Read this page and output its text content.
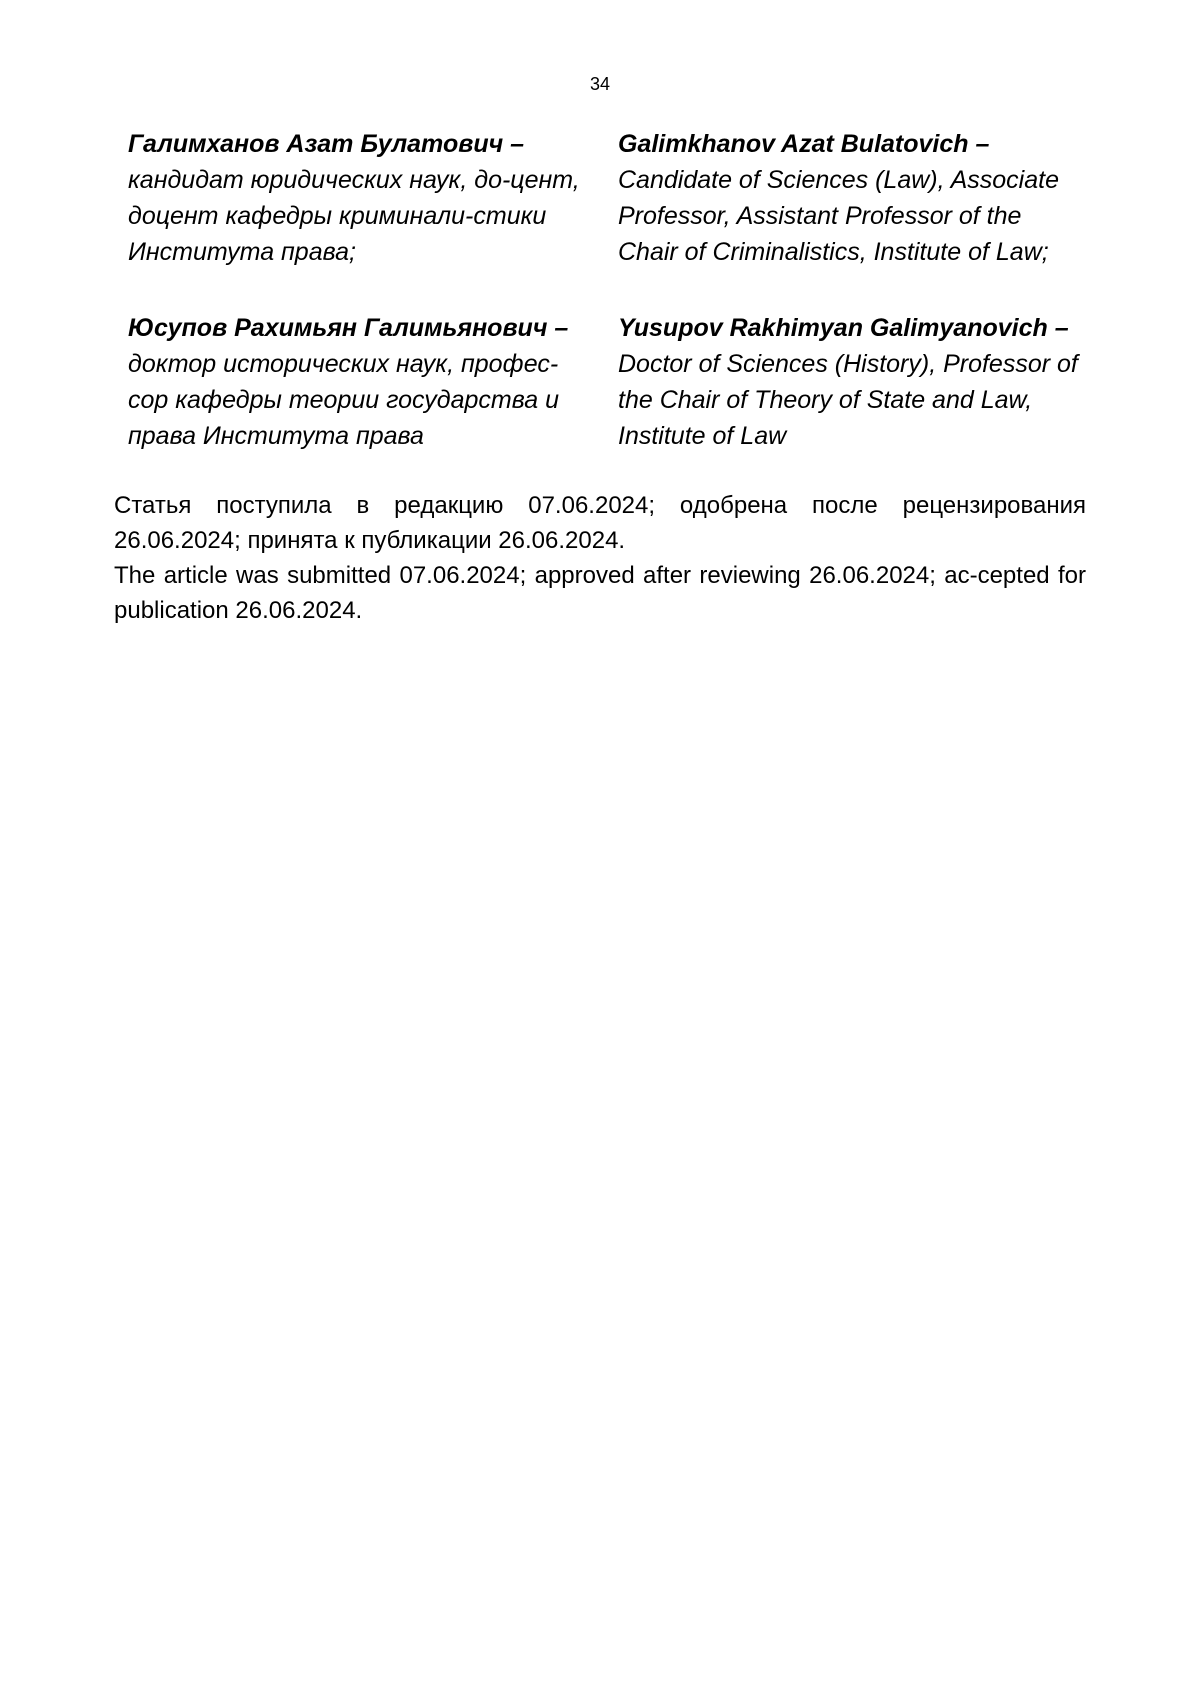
34
Галимханов Азат Булатович –
кандидат юридических наук, до-цент, доцент кафедры криминали-стики Института права;
Galimkhanov Azat Bulatovich –
Candidate of Sciences (Law), Associate Professor, Assistant Professor of the Chair of Criminalistics, Institute of Law;
Юсупов Рахимьян Галимьянович –
доктор исторических наук, профес-сор кафедры теории государства и права Института права
Yusupov Rakhimyan Galimyanovich –
Doctor of Sciences (History), Professor of the Chair of Theory of State and Law, Institute of Law

Статья поступила в редакцию 07.06.2024; одобрена после рецензирования 26.06.2024; принята к публикации 26.06.2024.

The article was submitted 07.06.2024; approved after reviewing 26.06.2024; ac-cepted for publication 26.06.2024.
